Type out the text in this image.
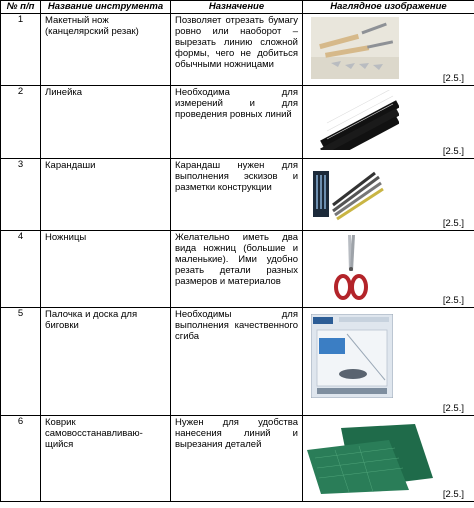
№ п/п	Название инструмента	Назначение	Наглядное изображение
1	Макетный нож (канцелярский резак)	Позволяет отрезать бумагу ровно или наоборот – вырезать линию сложной формы, чего не добиться обычными ножницами	[2.5.]

2	Линейка	Необходима для измерений и для проведения ровных линий	[2.5.]

3	Карандаши	Карандаш нужен для выполнения эскизов и разметки конструкции	[2.5.]

4	Ножницы	Желательно иметь два вида ножниц (большие и маленькие). Ими удобно резать детали разных размеров и материалов	[2.5.]

5	Палочка и доска для биговки	Необходимы для выполнения качественного сгиба	[2.5.]

6	Коврик самовосстанавливаю-щийся	Нужен для удобства нанесения линий и вырезания деталей	[2.5.]
